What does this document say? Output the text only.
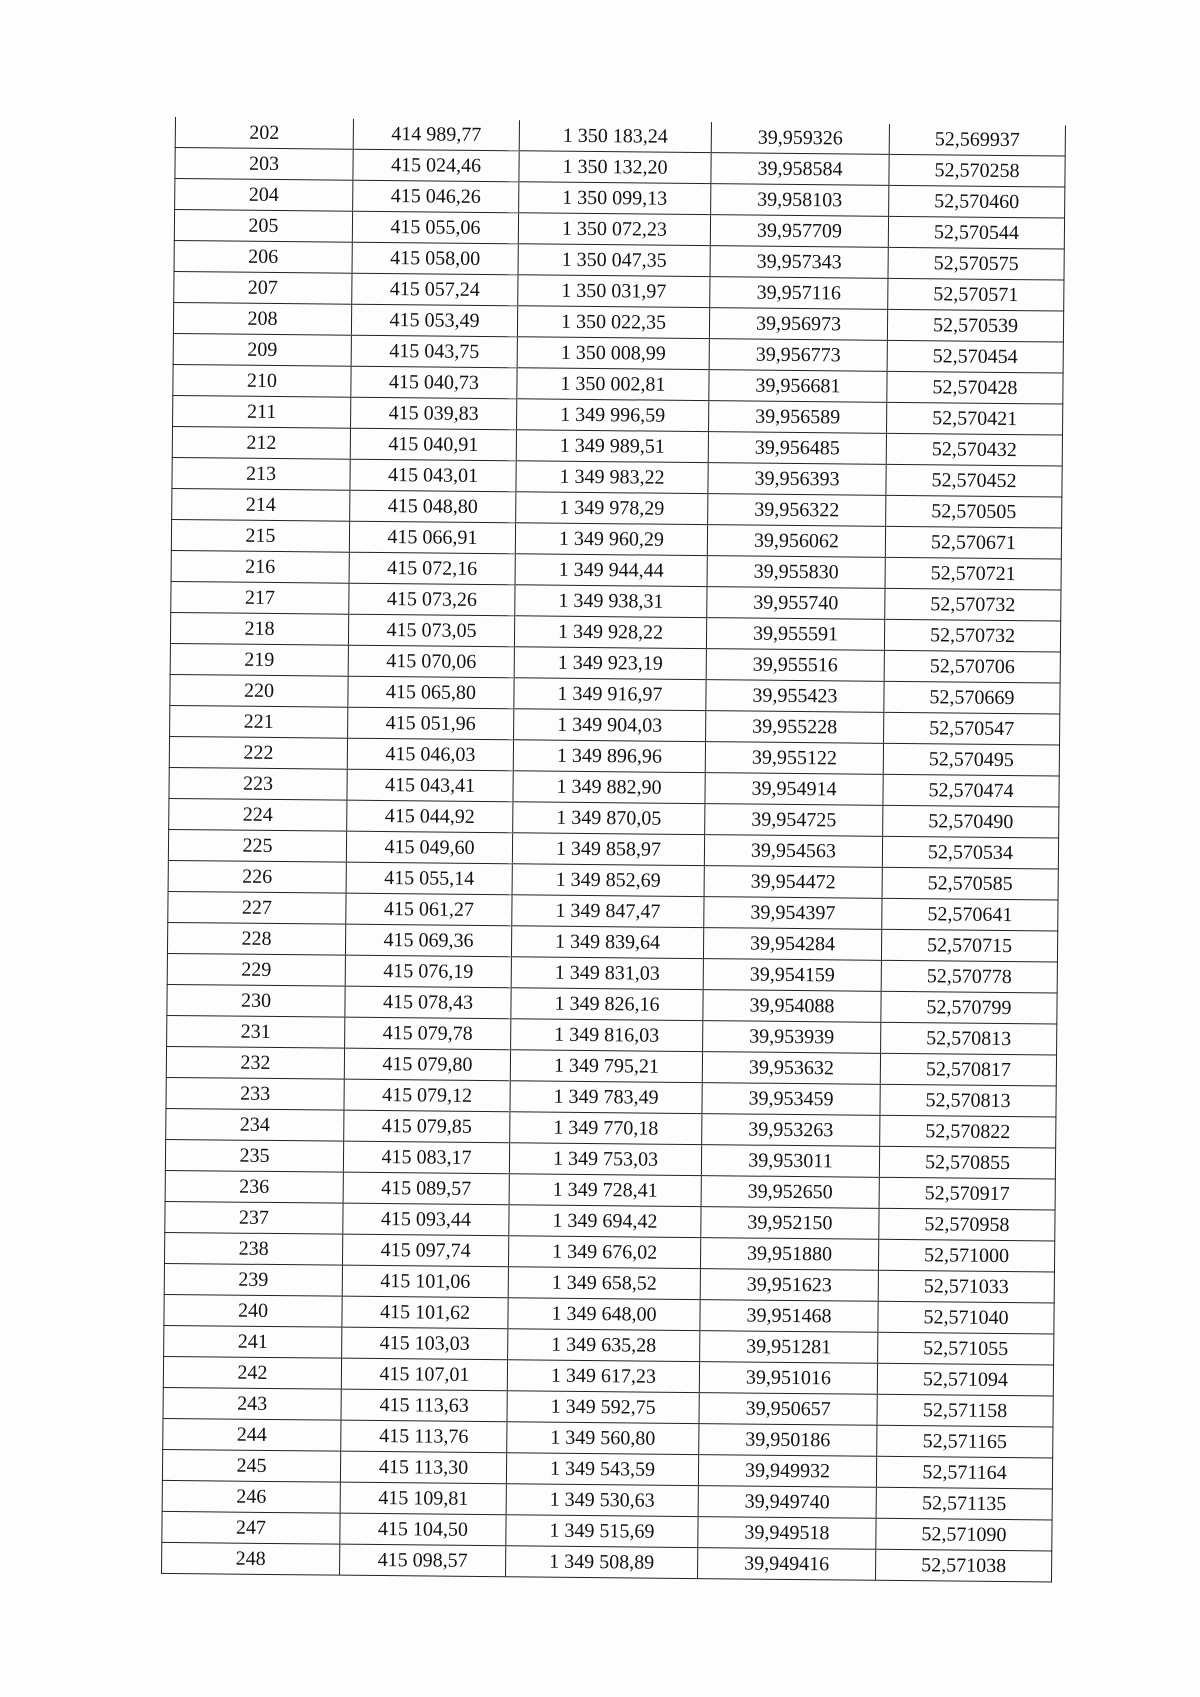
202	414 989,77	1 350 183,24	39,959326	52,569937
203	415 024,46	1 350 132,20	39,958584	52,570258
204	415 046,26	1 350 099,13	39,958103	52,570460
205	415 055,06	1 350 072,23	39,957709	52,570544
206	415 058,00	1 350 047,35	39,957343	52,570575
207	415 057,24	1 350 031,97	39,957116	52,570571
208	415 053,49	1 350 022,35	39,956973	52,570539
209	415 043,75	1 350 008,99	39,956773	52,570454
210	415 040,73	1 350 002,81	39,956681	52,570428
211	415 039,83	1 349 996,59	39,956589	52,570421
212	415 040,91	1 349 989,51	39,956485	52,570432
213	415 043,01	1 349 983,22	39,956393	52,570452
214	415 048,80	1 349 978,29	39,956322	52,570505
215	415 066,91	1 349 960,29	39,956062	52,570671
216	415 072,16	1 349 944,44	39,955830	52,570721
217	415 073,26	1 349 938,31	39,955740	52,570732
218	415 073,05	1 349 928,22	39,955591	52,570732
219	415 070,06	1 349 923,19	39,955516	52,570706
220	415 065,80	1 349 916,97	39,955423	52,570669
221	415 051,96	1 349 904,03	39,955228	52,570547
222	415 046,03	1 349 896,96	39,955122	52,570495
223	415 043,41	1 349 882,90	39,954914	52,570474
224	415 044,92	1 349 870,05	39,954725	52,570490
225	415 049,60	1 349 858,97	39,954563	52,570534
226	415 055,14	1 349 852,69	39,954472	52,570585
227	415 061,27	1 349 847,47	39,954397	52,570641
228	415 069,36	1 349 839,64	39,954284	52,570715
229	415 076,19	1 349 831,03	39,954159	52,570778
230	415 078,43	1 349 826,16	39,954088	52,570799
231	415 079,78	1 349 816,03	39,953939	52,570813
232	415 079,80	1 349 795,21	39,953632	52,570817
233	415 079,12	1 349 783,49	39,953459	52,570813
234	415 079,85	1 349 770,18	39,953263	52,570822
235	415 083,17	1 349 753,03	39,953011	52,570855
236	415 089,57	1 349 728,41	39,952650	52,570917
237	415 093,44	1 349 694,42	39,952150	52,570958
238	415 097,74	1 349 676,02	39,951880	52,571000
239	415 101,06	1 349 658,52	39,951623	52,571033
240	415 101,62	1 349 648,00	39,951468	52,571040
241	415 103,03	1 349 635,28	39,951281	52,571055
242	415 107,01	1 349 617,23	39,951016	52,571094
243	415 113,63	1 349 592,75	39,950657	52,571158
244	415 113,76	1 349 560,80	39,950186	52,571165
245	415 113,30	1 349 543,59	39,949932	52,571164
246	415 109,81	1 349 530,63	39,949740	52,571135
247	415 104,50	1 349 515,69	39,949518	52,571090
248	415 098,57	1 349 508,89	39,949416	52,571038
